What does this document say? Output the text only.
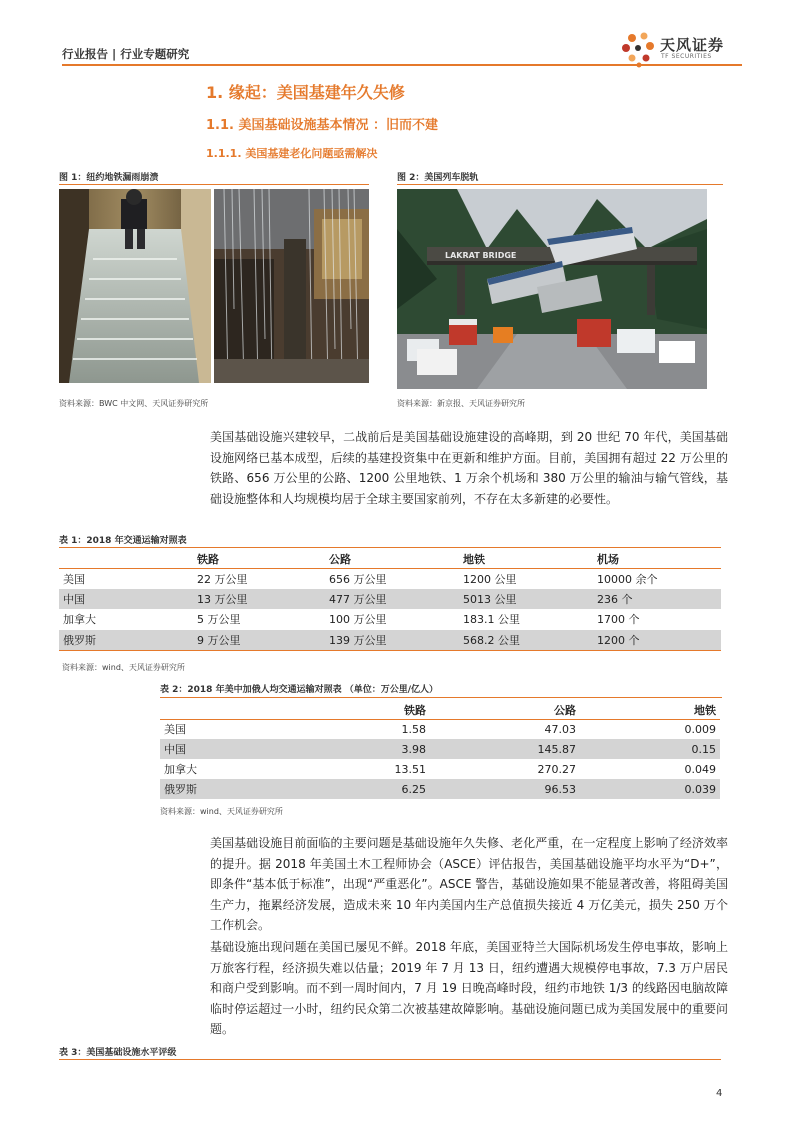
行业报告 | 行业专题研究	天风证券
TF SECURITIES
1. 缘起：美国基建年久失修
1.1. 美国基础设施基本情况 ：旧而不建
1.1.1. 美国基建老化问题亟需解决
图 1：纽约地铁漏雨崩溃
资料来源：BWC 中文网、天风证券研究所
图 2：美国列车脱轨
LAKRAT BRIDGE
资料来源：新京报、天风证券研究所
美国基础设施兴建较早，二战前后是美国基础设施建设的高峰期，到 20 世纪 70 年代，美国基础设施网络已基本成型，后续的基建投资集中在更新和维护方面。目前，美国拥有超过 22 万公里的铁路、656 万公里的公路、1200 公里地铁、1 万余个机场和 380 万公里的输油与输气管线，基础设施整体和人均规模均居于全球主要国家前列，不存在太多新建的必要性。
表 1：2018 年交通运输对照表
	铁路	公路	地铁	机场
美国	22 万公里	656 万公里	1200 公里	10000 余个
中国	13 万公里	477 万公里	5013 公里	236 个
加拿大	5 万公里	100 万公里	183.1 公里	1700 个
俄罗斯	9 万公里	139 万公里	568.2 公里	1200 个
资料来源：wind、天风证券研究所
表 2：2018 年美中加俄人均交通运输对照表 （单位：万公里/亿人）
	铁路	公路	地铁
美国	1.58	47.03	0.009
中国	3.98	145.87	0.15
加拿大	13.51	270.27	0.049
俄罗斯	6.25	96.53	0.039
资料来源：wind、天风证券研究所
美国基础设施目前面临的主要问题是基础设施年久失修、老化严重，在一定程度上影响了经济效率的提升。据 2018 年美国土木工程师协会（ASCE）评估报告，美国基础设施平均水平为“D+”，即条件“基本低于标准”，出现“严重恶化”。ASCE 警告，基础设施如果不能显著改善，将阻碍美国生产力，拖累经济发展，造成未来 10 年内美国内生产总值损失接近 4 万亿美元，损失 250 万个工作机会。
基础设施出现问题在美国已屡见不鲜。2018 年底，美国亚特兰大国际机场发生停电事故，影响上万旅客行程，经济损失难以估量；2019 年 7 月 13 日，纽约遭遇大规模停电事故，7.3 万户居民和商户受到影响。而不到一周时间内，7 月 19 日晚高峰时段，纽约市地铁 1/3 的线路因电脑故障临时停运超过一小时，纽约民众第二次被基建故障影响。基础设施问题已成为美国发展中的重要问题。
表 3：美国基础设施水平评级
4
